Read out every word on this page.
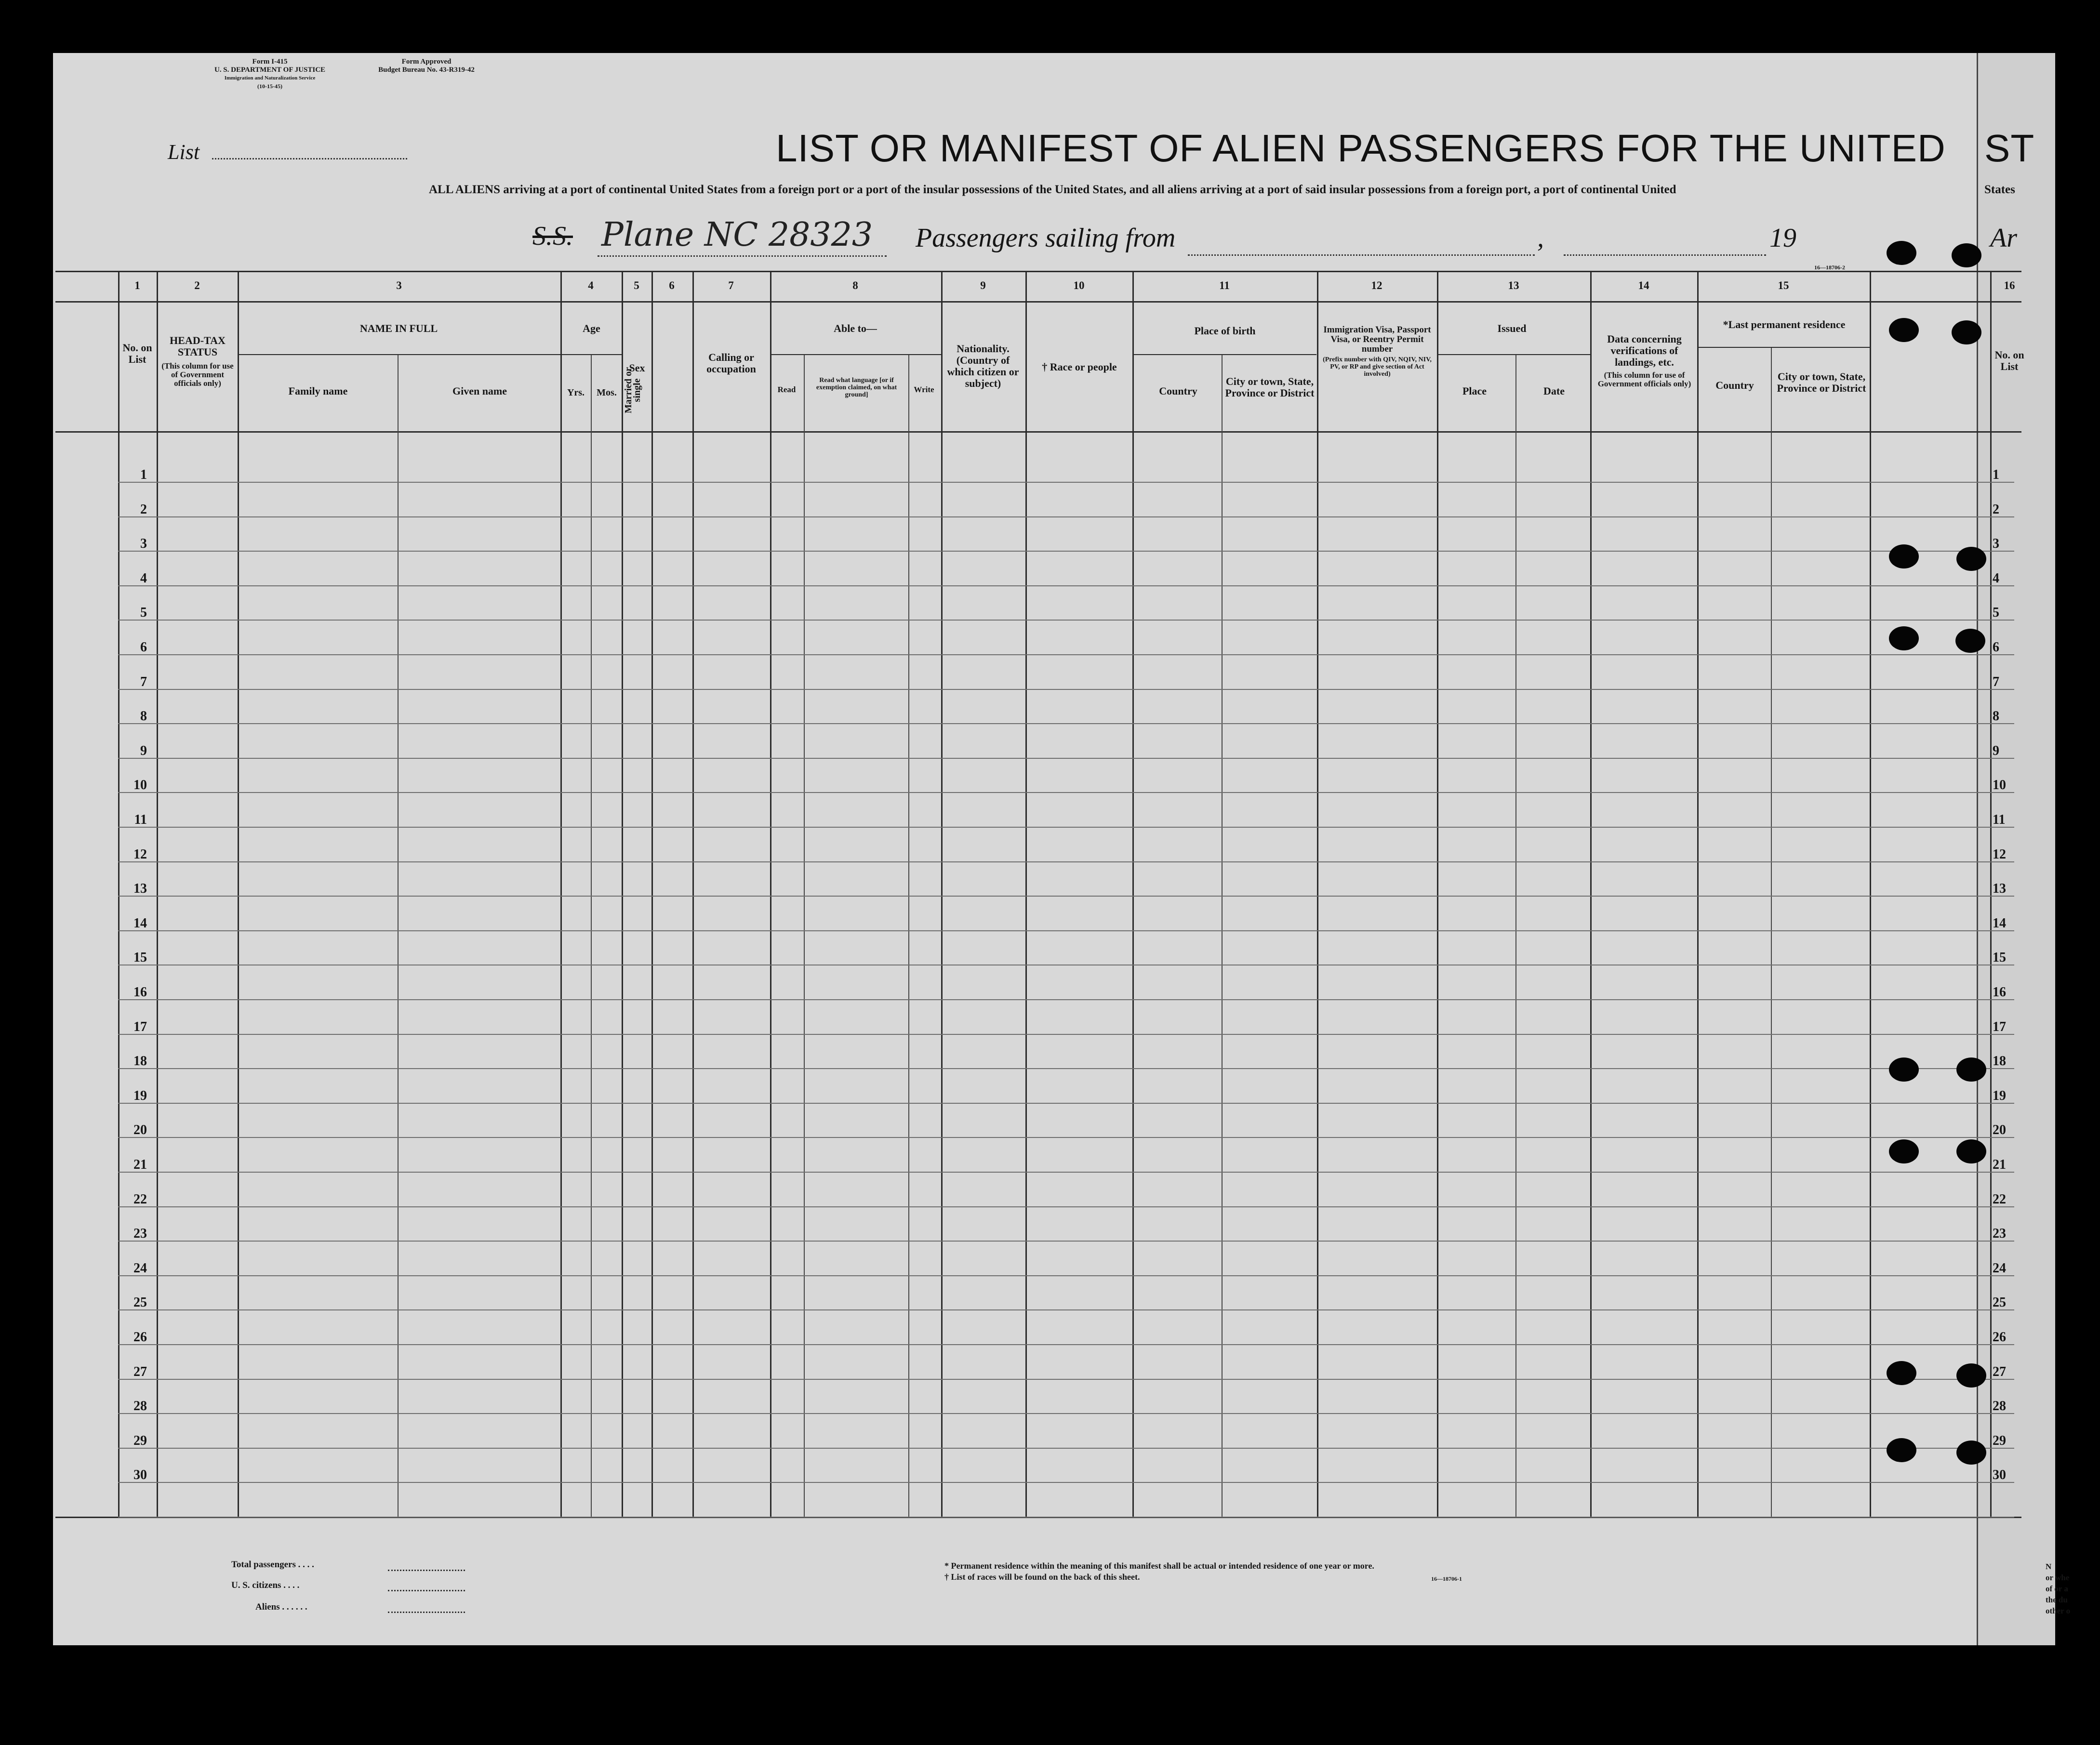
Form I-415
U. S. DEPARTMENT OF JUSTICE
Immigration and Naturalization Service
(10-15-45)
Form Approved
Budget Bureau No. 43-R319-42
List	LIST OR MANIFEST OF ALIEN PASSENGERS FOR THE UNITED ST
ALL ALIENS arriving at a port of continental United States from a foreign port or a port of the insular possessions of the United States, and all aliens arriving at a port of said insular possessions from a foreign port, a port of continental United	States
S.S. Plane NC 28323 Passengers sailing from	,	19	Ar
16—18706-2
1	2	3	4	5	6	7	8	9	10	11	12	13	14	15	16
No. on List
HEAD-TAX STATUS
(This column for use of Government officials only)
NAME IN FULL
Family name	Given name
Age
Yrs.	Mos.
Sex
Married or single
Calling or occupation
Able to—
Read
Read what language [or if exemption claimed, on what ground]
Write
Nationality. (Country of which citizen or subject)
† Race or people
Place of birth
Country
City or town, State, Province or District
Immigration Visa, Passport Visa, or Reentry Permit number
(Prefix number with QIV, NQIV, NIV, PV, or RP and give section of Act involved)
Issued
Place	Date
Data concerning verifications of landings, etc.
(This column for use of Government officials only)
*Last permanent residence
Country
City or town, State, Province or District
No. on List
1	1
2	2
3	3
4	4
5	5
6	6
7	7
8	8
9	9
10	10
11	11
12	12
13	13
14	14
15	15
16	16
17	17
18	18
19	19
20	20
21	21
22	22
23	23
24	24
25	25
26	26
27	27
28	28
29	29
30	30
Total passengers . . . .
U. S. citizens . . . .
Aliens . . . . . .
* Permanent residence within the meaning of this manifest shall be actual or intended residence of one year or more.
† List of races will be found on the back of this sheet.	16—18706-1
N
or whe
of or a
the du
other o
